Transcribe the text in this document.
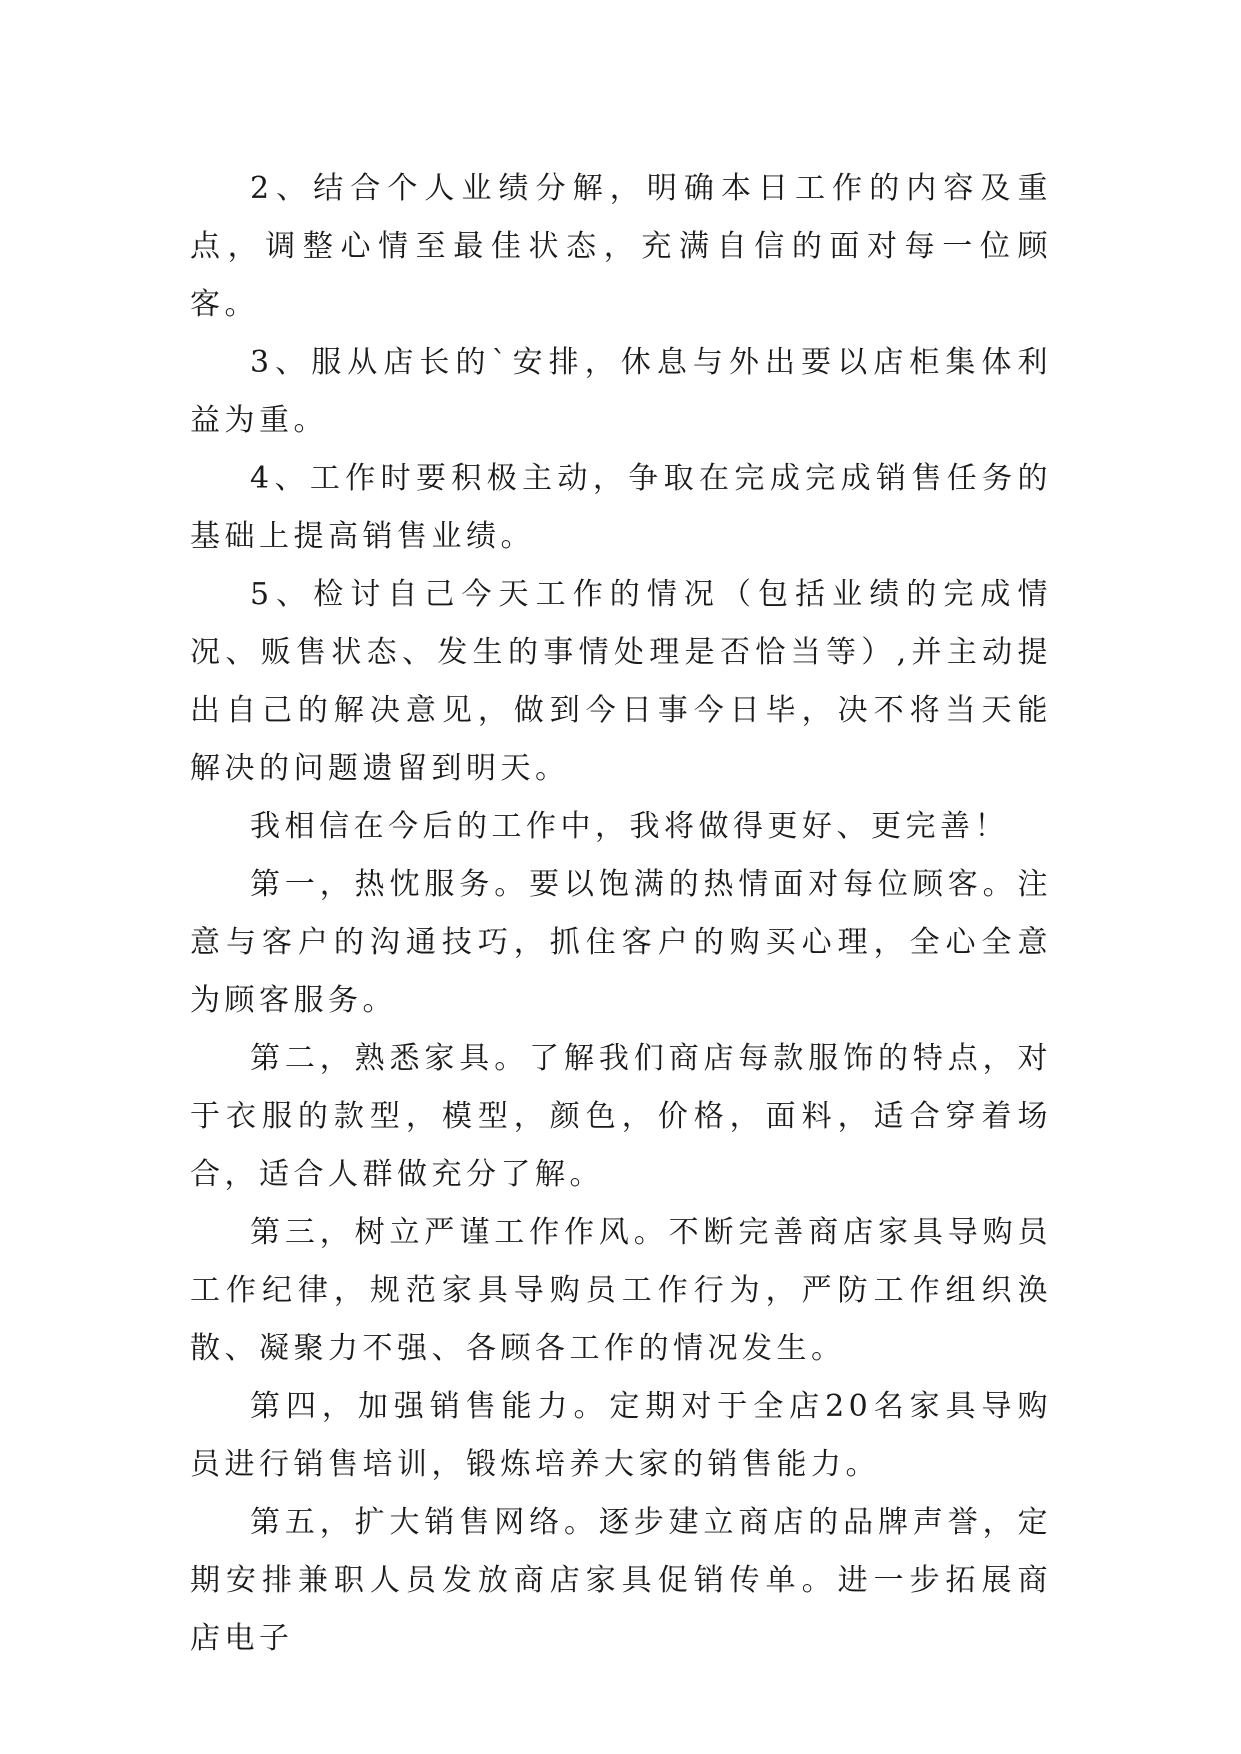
2、结合个人业绩分解，明确本日工作的内容及重点，调整心情至最佳状态，充满自信的面对每一位顾客。

3、服从店长的`安排，休息与外出要以店柜集体利益为重。

4、工作时要积极主动，争取在完成完成销售任务的基础上提高销售业绩。

5、检讨自己今天工作的情况（包括业绩的完成情况、贩售状态、发生的事情处理是否恰当等）,并主动提出自己的解决意见，做到今日事今日毕，决不将当天能解决的问题遗留到明天。

我相信在今后的工作中，我将做得更好、更完善！

第一，热忱服务。要以饱满的热情面对每位顾客。注意与客户的沟通技巧，抓住客户的购买心理，全心全意为顾客服务。

第二，熟悉家具。了解我们商店每款服饰的特点，对于衣服的款型，模型，颜色，价格，面料，适合穿着场合，适合人群做充分了解。

第三，树立严谨工作作风。不断完善商店家具导购员工作纪律，规范家具导购员工作行为，严防工作组织涣散、凝聚力不强、各顾各工作的情况发生。

第四，加强销售能力。定期对于全店20名家具导购员进行销售培训，锻炼培养大家的销售能力。

第五，扩大销售网络。逐步建立商店的品牌声誉，定期安排兼职人员发放商店家具促销传单。进一步拓展商店电子
